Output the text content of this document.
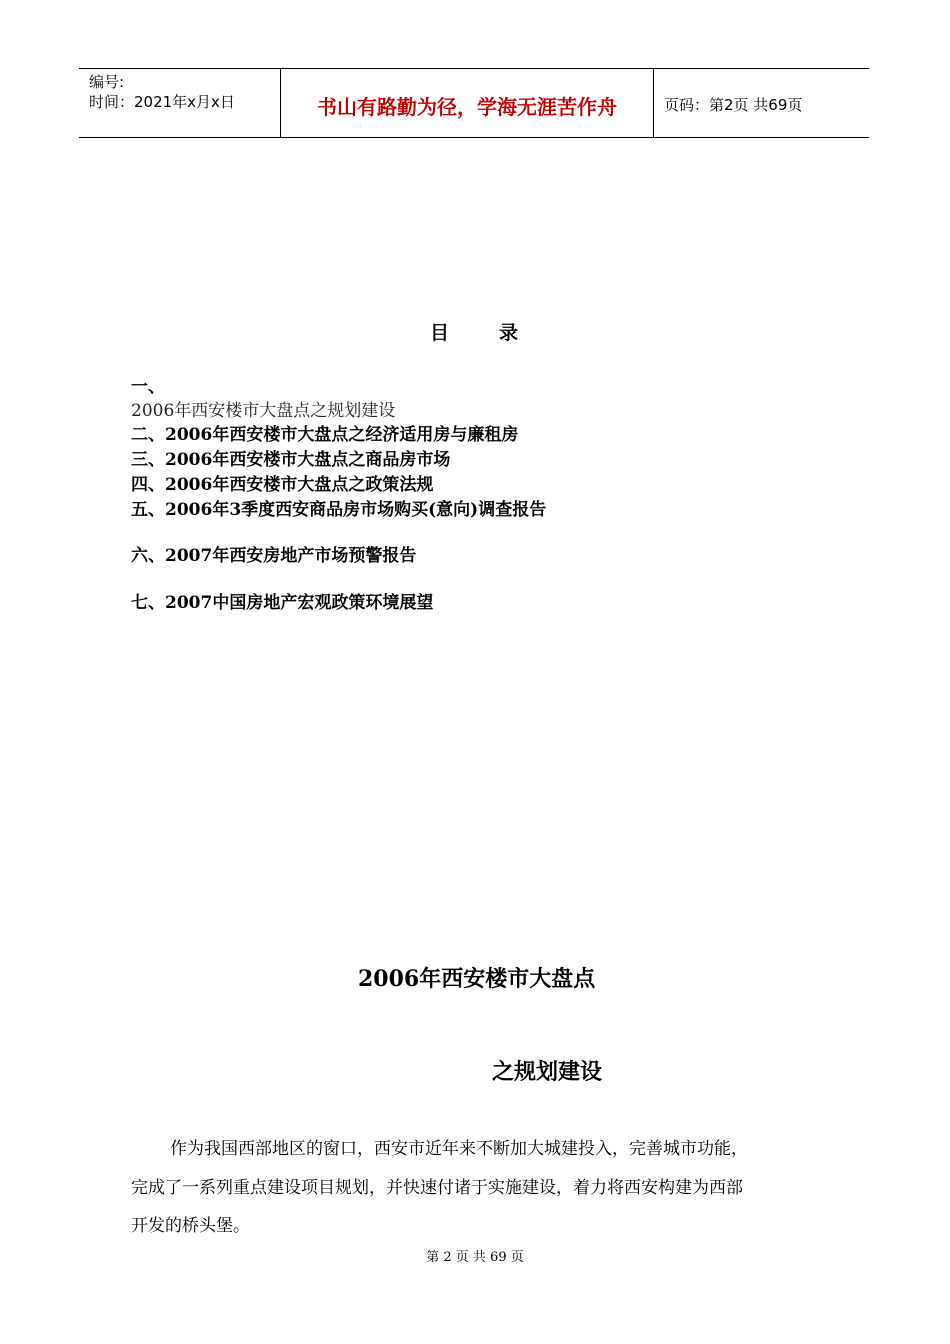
编号:
时间：2021年x月x日	书山有路勤为径，学海无涯苦作舟	页码：第2页 共69页
目	录
一、
2006年西安楼市大盘点之规划建设
二、2006年西安楼市大盘点之经济适用房与廉租房
三、2006年西安楼市大盘点之商品房市场
四、2006年西安楼市大盘点之政策法规
五、2006年3季度西安商品房市场购买(意向)调查报告
六、2007年西安房地产市场预警报告
七、2007中国房地产宏观政策环境展望
2006年西安楼市大盘点
之规划建设
作为我国西部地区的窗口，西安市近年来不断加大城建投入，完善城市功能，
完成了一系列重点建设项目规划，并快速付诸于实施建设，着力将西安构建为西部
开发的桥头堡。
第 2 页 共 69 页
